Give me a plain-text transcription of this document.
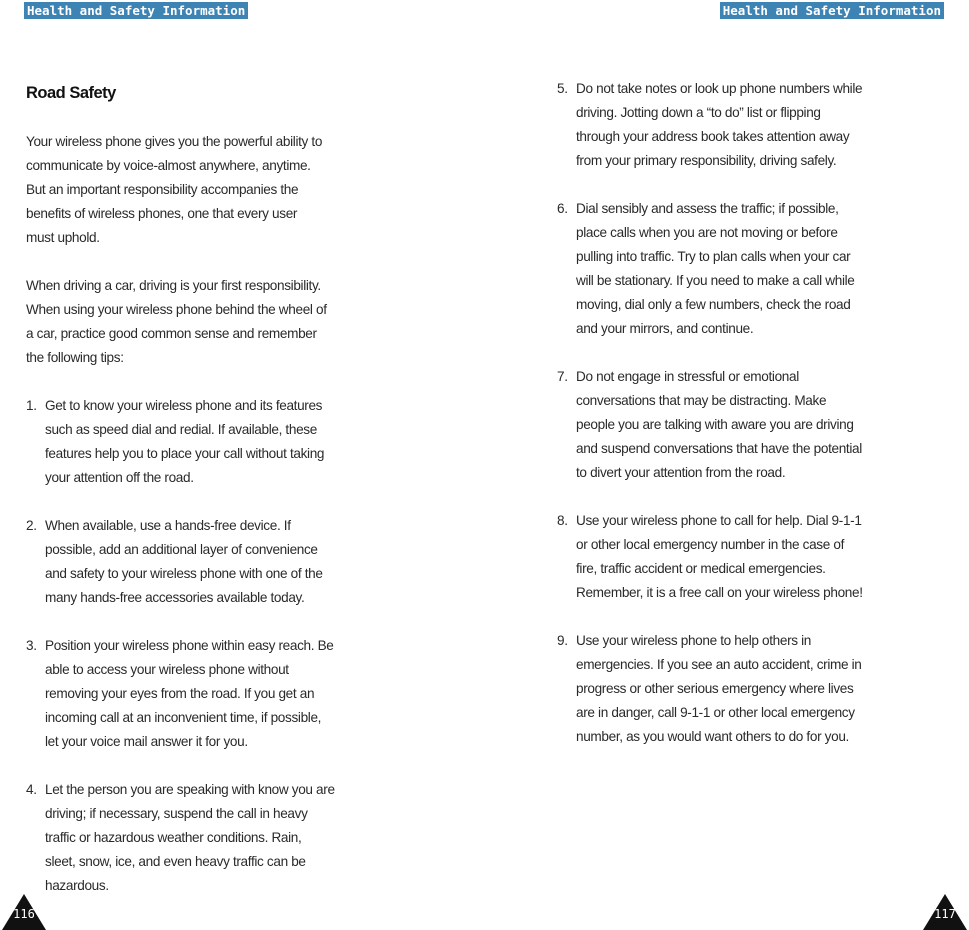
Health and Safety Information	Health and Safety Information
Road Safety

Your wireless phone gives you the powerful ability to
communicate by voice-almost anywhere, anytime.
But an important responsibility accompanies the
benefits of wireless phones, one that every user
must uphold.

When driving a car, driving is your first responsibility.
When using your wireless phone behind the wheel of
a car, practice good common sense and remember
the following tips:

1. Get to know your wireless phone and its features
such as speed dial and redial. If available, these
features help you to place your call without taking
your attention off the road.

2. When available, use a hands-free device. If
possible, add an additional layer of convenience
and safety to your wireless phone with one of the
many hands-free accessories available today.

3. Position your wireless phone within easy reach. Be
able to access your wireless phone without
removing your eyes from the road. If you get an
incoming call at an inconvenient time, if possible,
let your voice mail answer it for you.

4. Let the person you are speaking with know you are
driving; if necessary, suspend the call in heavy
traffic or hazardous weather conditions. Rain,
sleet, snow, ice, and even heavy traffic can be
hazardous.

5. Do not take notes or look up phone numbers while
driving. Jotting down a “to do” list or flipping
through your address book takes attention away
from your primary responsibility, driving safely.

6. Dial sensibly and assess the traffic; if possible,
place calls when you are not moving or before
pulling into traffic. Try to plan calls when your car
will be stationary. If you need to make a call while
moving, dial only a few numbers, check the road
and your mirrors, and continue.

7. Do not engage in stressful or emotional
conversations that may be distracting. Make
people you are talking with aware you are driving
and suspend conversations that have the potential
to divert your attention from the road.

8. Use your wireless phone to call for help. Dial 9-1-1
or other local emergency number in the case of
fire, traffic accident or medical emergencies.
Remember, it is a free call on your wireless phone!

9. Use your wireless phone to help others in
emergencies. If you see an auto accident, crime in
progress or other serious emergency where lives
are in danger, call 9-1-1 or other local emergency
number, as you would want others to do for you.

116	117
